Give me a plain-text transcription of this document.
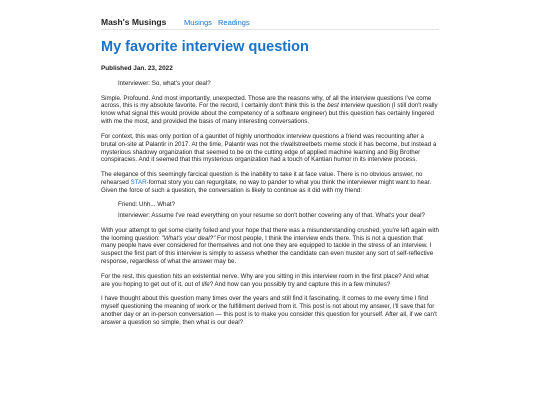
Mash's Musings Musings Readings
My favorite interview question
Published Jan. 23, 2022

Interviewer: So, what's your deal?

Simple. Profound. And most importantly, unexpected. Those are the reasons why, of all the interview questions I've come across, this is my absolute favorite. For the record, I certainly don't think this is the best interview question (I still don't really know what signal this would provide about the competency of a software engineer) but this question has certainly lingered with me the most, and provided the basis of many interesting conversations.

For context, this was only portion of a gauntlet of highly unorthodox interview questions a friend was recounting after a brutal on-site at Palantir in 2017. At the time, Palantir was not the r/wallstreetbets meme stock it has become, but instead a mysterious shadowy organization that seemed to be on the cutting edge of applied machine learning and Big Brother conspiracies. And it seemed that this mysterious organization had a touch of Kantian humor in its interview process.

The elegance of this seemingly farcical question is the inability to take it at face value. There is no obvious answer, no rehearsed STAR-format story you can regurgitate, no way to pander to what you think the interviewer might want to hear. Given the force of such a question, the conversation is likely to continue as it did with my friend:

Friend: Uhh... What?

Interviewer: Assume I've read everything on your resume so don't bother covering any of that. What's your deal?

With your attempt to get some clarity foiled and your hope that there was a misunderstanding crushed, you're left again with the looming question: "What's your deal?" For most people, I think the interview ends there. This is not a question that many people have ever considered for themselves and not one they are equipped to tackle in the stress of an interview. I suspect the first part of this interview is simply to assess whether the candidate can even muster any sort of self-reflective response, regardless of what the answer may be.

For the rest, this question hits an existential nerve. Why are you sitting in this interview room in the first place? And what are you hoping to get out of it, out of life? And how can you possibly try and capture this in a few minutes?

I have thought about this question many times over the years and still find it fascinating. It comes to me every time I find myself questioning the meaning of work or the fulfillment derived from it. This post is not about my answer, I'll save that for another day or an in-person conversation — this post is to make you consider this question for yourself. After all, if we can't answer a question so simple, then what is our deal?
